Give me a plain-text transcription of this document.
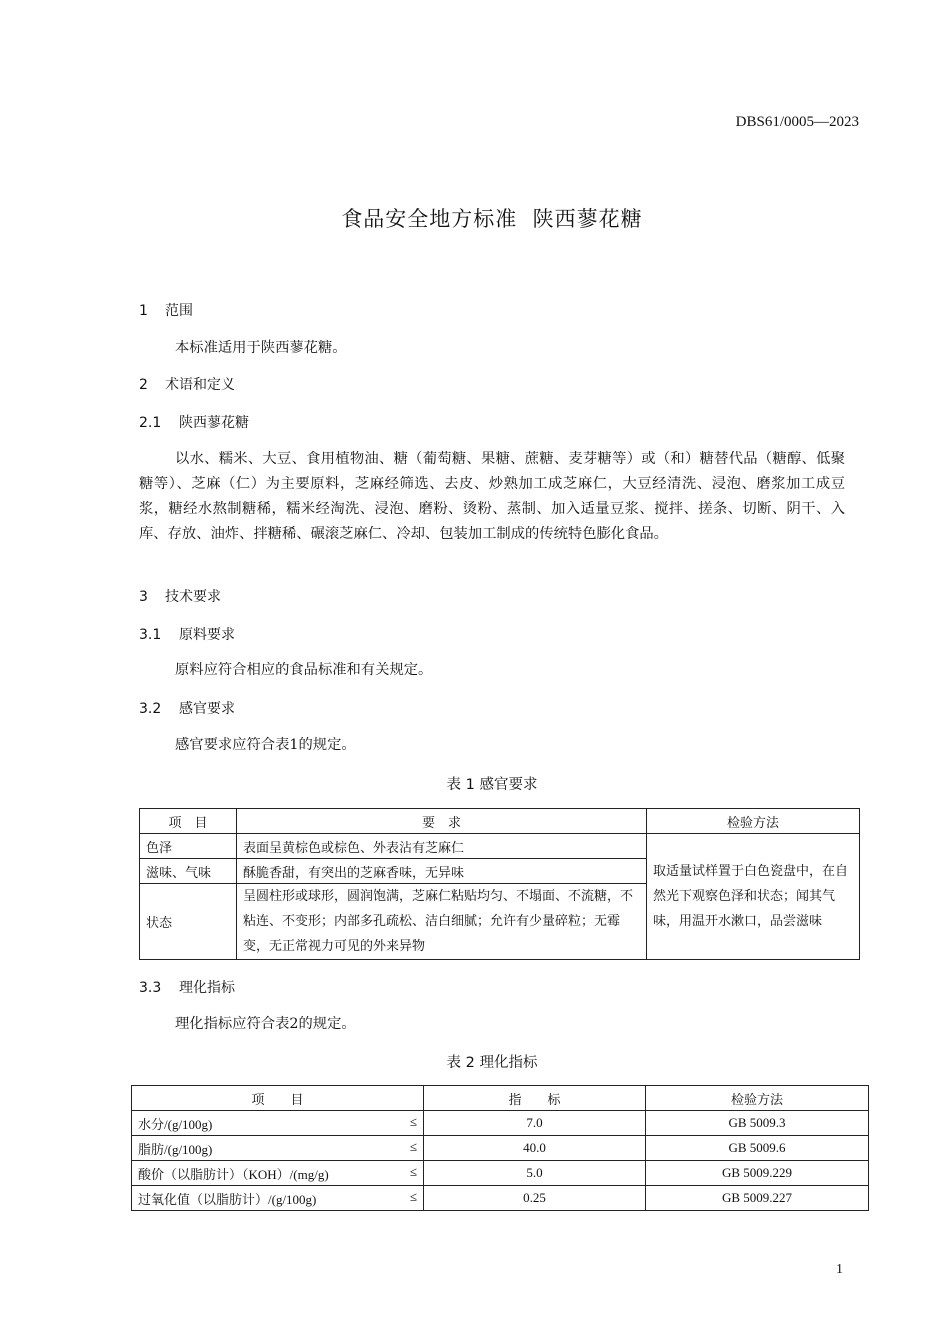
DBS61/0005—2023
食品安全地方标准  陕西蓼花糖
1 范围
本标准适用于陕西蓼花糖。
2 术语和定义
2.1 陕西蓼花糖
以水、糯米、大豆、食用植物油、糖（葡萄糖、果糖、蔗糖、麦芽糖等）或（和）糖替代品（糖醇、低聚糖等）、芝麻（仁）为主要原料，芝麻经筛选、去皮、炒熟加工成芝麻仁，大豆经清洗、浸泡、磨浆加工成豆浆，糖经水熬制糖稀，糯米经淘洗、浸泡、磨粉、烫粉、蒸制、加入适量豆浆、搅拌、搓条、切断、阴干、入库、存放、油炸、拌糖稀、碾滚芝麻仁、冷却、包装加工制成的传统特色膨化食品。
3 技术要求
3.1 原料要求
原料应符合相应的食品标准和有关规定。
3.2 感官要求
感官要求应符合表1的规定。
表 1 感官要求
项　目	要　求	检验方法
色泽	表面呈黄棕色或棕色、外表沾有芝麻仁	取适量试样置于白色瓷盘中，在自然光下观察色泽和状态；闻其气味，用温开水漱口，品尝滋味
滋味、气味	酥脆香甜，有突出的芝麻香味，无异味	
状态	呈圆柱形或球形，圆润饱满，芝麻仁粘贴均匀、不塌面、不流糖，不粘连、不变形；内部多孔疏松、洁白细腻；允许有少量碎粒；无霉变，无正常视力可见的外来异物	
3.3 理化指标
理化指标应符合表2的规定。
表 2 理化指标
项　　目	指　　标	检验方法
水分/(g/100g) ≤	7.0	GB 5009.3
脂肪/(g/100g) ≤	40.0	GB 5009.6
酸价（以脂肪计）（KOH）/(mg/g) ≤	5.0	GB 5009.229
过氧化值（以脂肪计）/(g/100g) ≤	0.25	GB 5009.227
1
